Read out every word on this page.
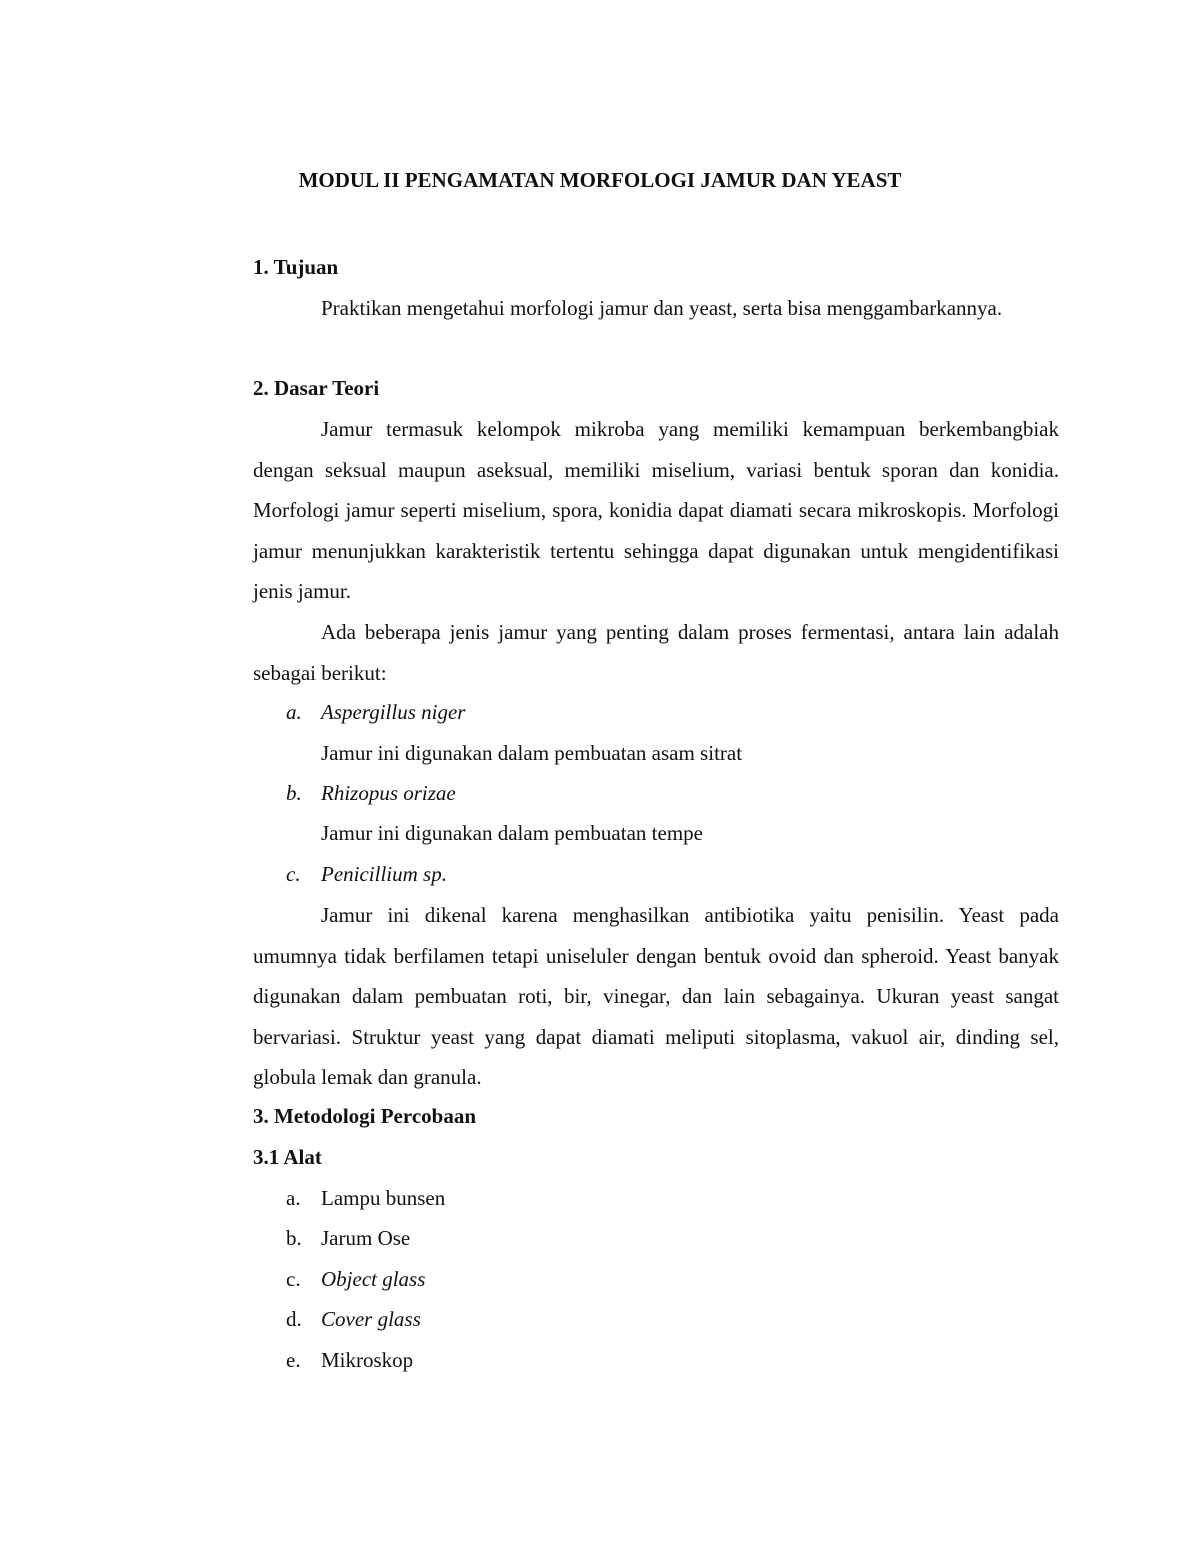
MODUL II PENGAMATAN MORFOLOGI JAMUR DAN YEAST
1. Tujuan

Praktikan mengetahui morfologi jamur dan yeast, serta bisa menggambarkannya.

2. Dasar Teori

Jamur termasuk kelompok mikroba yang memiliki kemampuan berkembangbiak dengan seksual maupun aseksual, memiliki miselium, variasi bentuk sporan dan konidia. Morfologi jamur seperti miselium, spora, konidia dapat diamati secara mikroskopis. Morfologi jamur menunjukkan karakteristik tertentu sehingga dapat digunakan untuk mengidentifikasi jenis jamur.

Ada beberapa jenis jamur yang penting dalam proses fermentasi, antara lain adalah sebagai berikut:

a. Aspergillus niger
Jamur ini digunakan dalam pembuatan asam sitrat
b. Rhizopus orizae
Jamur ini digunakan dalam pembuatan tempe
c. Penicillium sp.

Jamur ini dikenal karena menghasilkan antibiotika yaitu penisilin. Yeast pada umumnya tidak berfilamen tetapi uniseluler dengan bentuk ovoid dan spheroid. Yeast banyak digunakan dalam pembuatan roti, bir, vinegar, dan lain sebagainya. Ukuran yeast sangat bervariasi. Struktur yeast yang dapat diamati meliputi sitoplasma, vakuol air, dinding sel, globula lemak dan granula.

3. Metodologi Percobaan
3.1 Alat
a. Lampu bunsen
b. Jarum Ose
c. Object glass
d. Cover glass
e. Mikroskop
